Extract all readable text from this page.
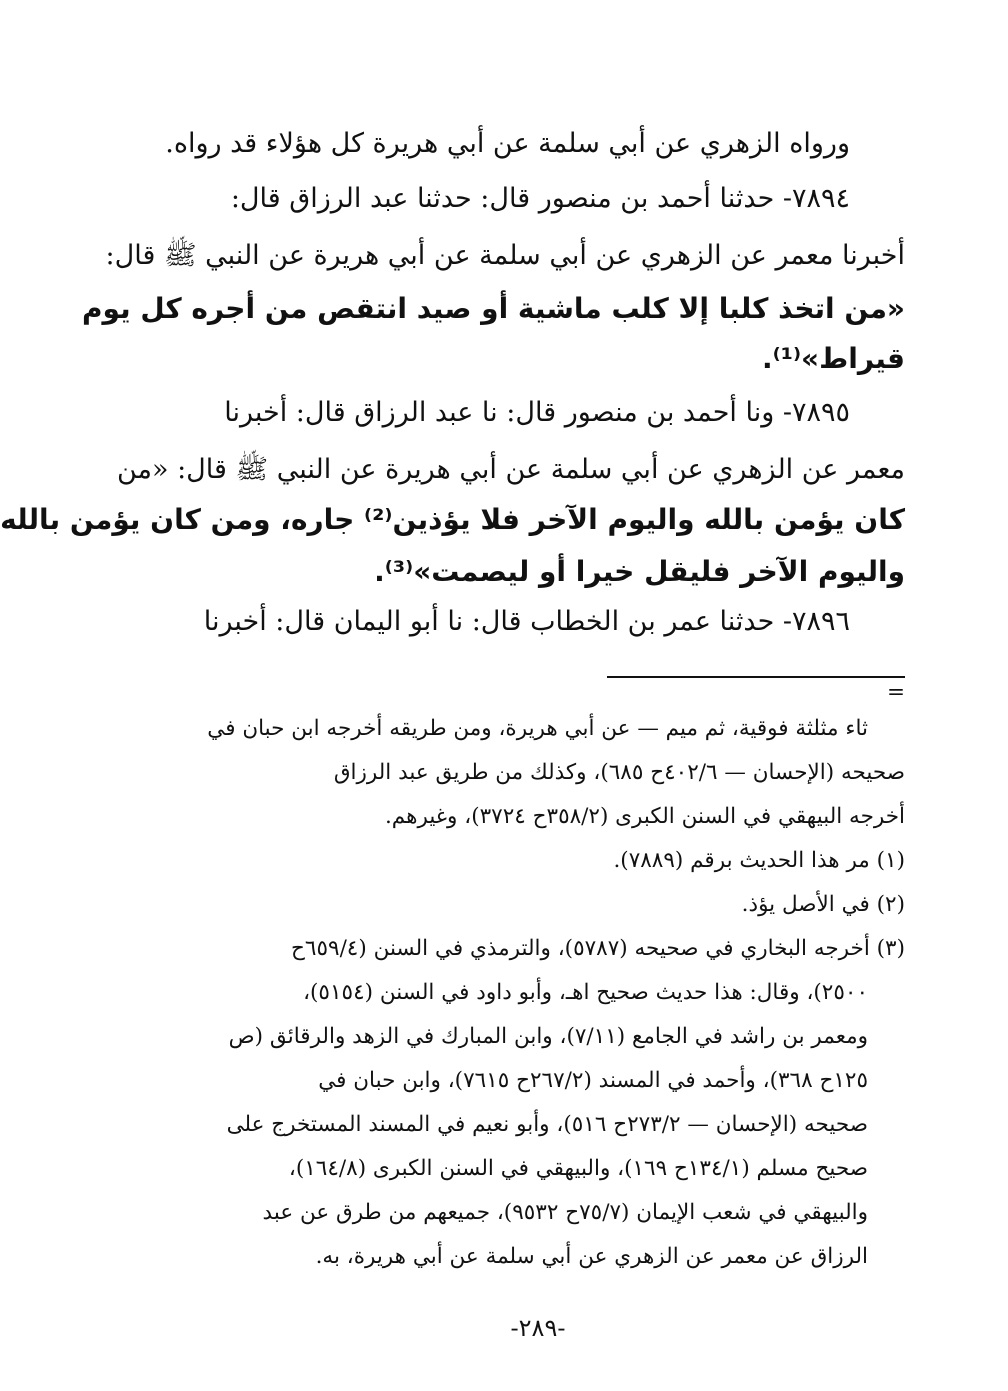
ورواه الزهري عن أبي سلمة عن أبي هريرة كل هؤلاء قد رواه.
٧٨٩٤- حدثنا أحمد بن منصور قال: حدثنا عبد الرزاق قال:
أخبرنا معمر عن الزهري عن أبي سلمة عن أبي هريرة عن النبي ﷺ قال:
«من اتخذ كلبا إلا كلب ماشية أو صيد انتقص من أجره كل يوم
قيراط»⁽¹⁾.
٧٨٩٥- ونا أحمد بن منصور قال: نا عبد الرزاق قال: أخبرنا
معمر عن الزهري عن أبي سلمة عن أبي هريرة عن النبي ﷺ قال: «من
كان يؤمن بالله واليوم الآخر فلا يؤذين⁽²⁾ جاره، ومن كان يؤمن بالله
واليوم الآخر فليقل خيرا أو ليصمت»⁽³⁾.
٧٨٩٦- حدثنا عمر بن الخطاب قال: نا أبو اليمان قال: أخبرنا
=
ثاء مثلثة فوقية، ثم ميم — عن أبي هريرة، ومن طريقه أخرجه ابن حبان في
صحيحه (الإحسان — ٤٠٢/٦ح ٦٨٥)، وكذلك من طريق عبد الرزاق
أخرجه البيهقي في السنن الكبرى (٣٥٨/٢ح ٣٧٢٤)، وغيرهم.
(١) مر هذا الحديث برقم (٧٨٨٩).
(٢) في الأصل يؤذ.
(٣) أخرجه البخاري في صحيحه (٥٧٨٧)، والترمذي في السنن (٦٥٩/٤ح
٢٥٠٠)، وقال: هذا حديث صحيح اهـ، وأبو داود في السنن (٥١٥٤)،
ومعمر بن راشد في الجامع (٧/١١)، وابن المبارك في الزهد والرقائق (ص
١٢٥ح ٣٦٨)، وأحمد في المسند (٢٦٧/٢ح ٧٦١٥)، وابن حبان في
صحيحه (الإحسان — ٢٧٣/٢ح ٥١٦)، وأبو نعيم في المسند المستخرج على
صحيح مسلم (١٣٤/١ح ١٦٩)، والبيهقي في السنن الكبرى (١٦٤/٨)،
والبيهقي في شعب الإيمان (٧٥/٧ح ٩٥٣٢)، جميعهم من طرق عن عبد
الرزاق عن معمر عن الزهري عن أبي سلمة عن أبي هريرة، به.
-٢٨٩-
